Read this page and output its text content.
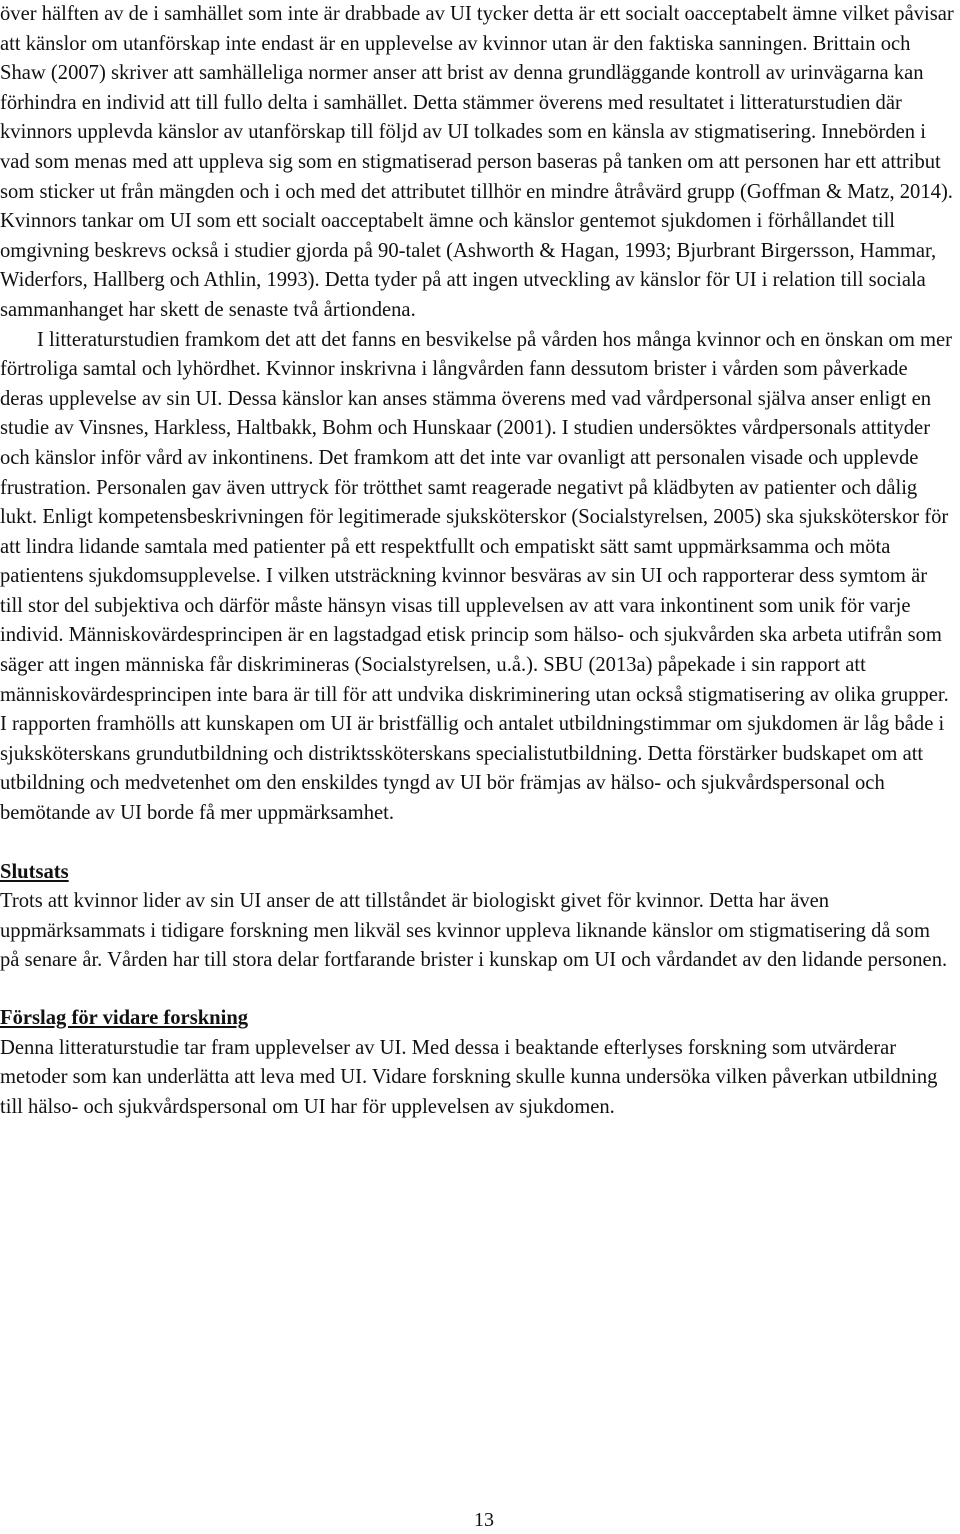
över hälften av de i samhället som inte är drabbade av UI tycker detta är ett socialt oacceptabelt ämne vilket påvisar att känslor om utanförskap inte endast är en upplevelse av kvinnor utan är den faktiska sanningen. Brittain och Shaw (2007) skriver att samhälleliga normer anser att brist av denna grundläggande kontroll av urinvägarna kan förhindra en individ att till fullo delta i samhället. Detta stämmer överens med resultatet i litteraturstudien där kvinnors upplevda känslor av utanförskap till följd av UI tolkades som en känsla av stigmatisering. Innebörden i vad som menas med att uppleva sig som en stigmatiserad person baseras på tanken om att personen har ett attribut som sticker ut från mängden och i och med det attributet tillhör en mindre åtråvärd grupp (Goffman & Matz, 2014). Kvinnors tankar om UI som ett socialt oacceptabelt ämne och känslor gentemot sjukdomen i förhållandet till omgivning beskrevs också i studier gjorda på 90-talet (Ashworth & Hagan, 1993; Bjurbrant Birgersson, Hammar, Widerfors, Hallberg och Athlin, 1993). Detta tyder på att ingen utveckling av känslor för UI i relation till sociala sammanhanget har skett de senaste två årtiondena.

I litteraturstudien framkom det att det fanns en besvikelse på vården hos många kvinnor och en önskan om mer förtroliga samtal och lyhördhet. Kvinnor inskrivna i långvården fann dessutom brister i vården som påverkade deras upplevelse av sin UI. Dessa känslor kan anses stämma överens med vad vårdpersonal själva anser enligt en studie av Vinsnes, Harkless, Haltbakk, Bohm och Hunskaar (2001). I studien undersöktes vårdpersonals attityder och känslor inför vård av inkontinens. Det framkom att det inte var ovanligt att personalen visade och upplevde frustration. Personalen gav även uttryck för trötthet samt reagerade negativt på klädbyten av patienter och dålig lukt. Enligt kompetensbeskrivningen för legitimerade sjuksköterskor (Socialstyrelsen, 2005) ska sjuksköterskor för att lindra lidande samtala med patienter på ett respektfullt och empatiskt sätt samt uppmärksamma och möta patientens sjukdomsupplevelse. I vilken utsträckning kvinnor besväras av sin UI och rapporterar dess symtom är till stor del subjektiva och därför måste hänsyn visas till upplevelsen av att vara inkontinent som unik för varje individ. Människovärdesprincipen är en lagstadgad etisk princip som hälso- och sjukvården ska arbeta utifrån som säger att ingen människa får diskrimineras (Socialstyrelsen, u.å.). SBU (2013a) påpekade i sin rapport att människovärdesprincipen inte bara är till för att undvika diskriminering utan också stigmatisering av olika grupper. I rapporten framhölls att kunskapen om UI är bristfällig och antalet utbildningstimmar om sjukdomen är låg både i sjuksköterskans grundutbildning och distriktssköterskans specialistutbildning. Detta förstärker budskapet om att utbildning och medvetenhet om den enskildes tyngd av UI bör främjas av hälso- och sjukvårdspersonal och bemötande av UI borde få mer uppmärksamhet.

Slutsats

Trots att kvinnor lider av sin UI anser de att tillståndet är biologiskt givet för kvinnor. Detta har även uppmärksammats i tidigare forskning men likväl ses kvinnor uppleva liknande känslor om stigmatisering då som på senare år. Vården har till stora delar fortfarande brister i kunskap om UI och vårdandet av den lidande personen.

Förslag för vidare forskning

Denna litteraturstudie tar fram upplevelser av UI. Med dessa i beaktande efterlyses forskning som utvärderar metoder som kan underlätta att leva med UI. Vidare forskning skulle kunna undersöka vilken påverkan utbildning till hälso- och sjukvårdspersonal om UI har för upplevelsen av sjukdomen.

13
